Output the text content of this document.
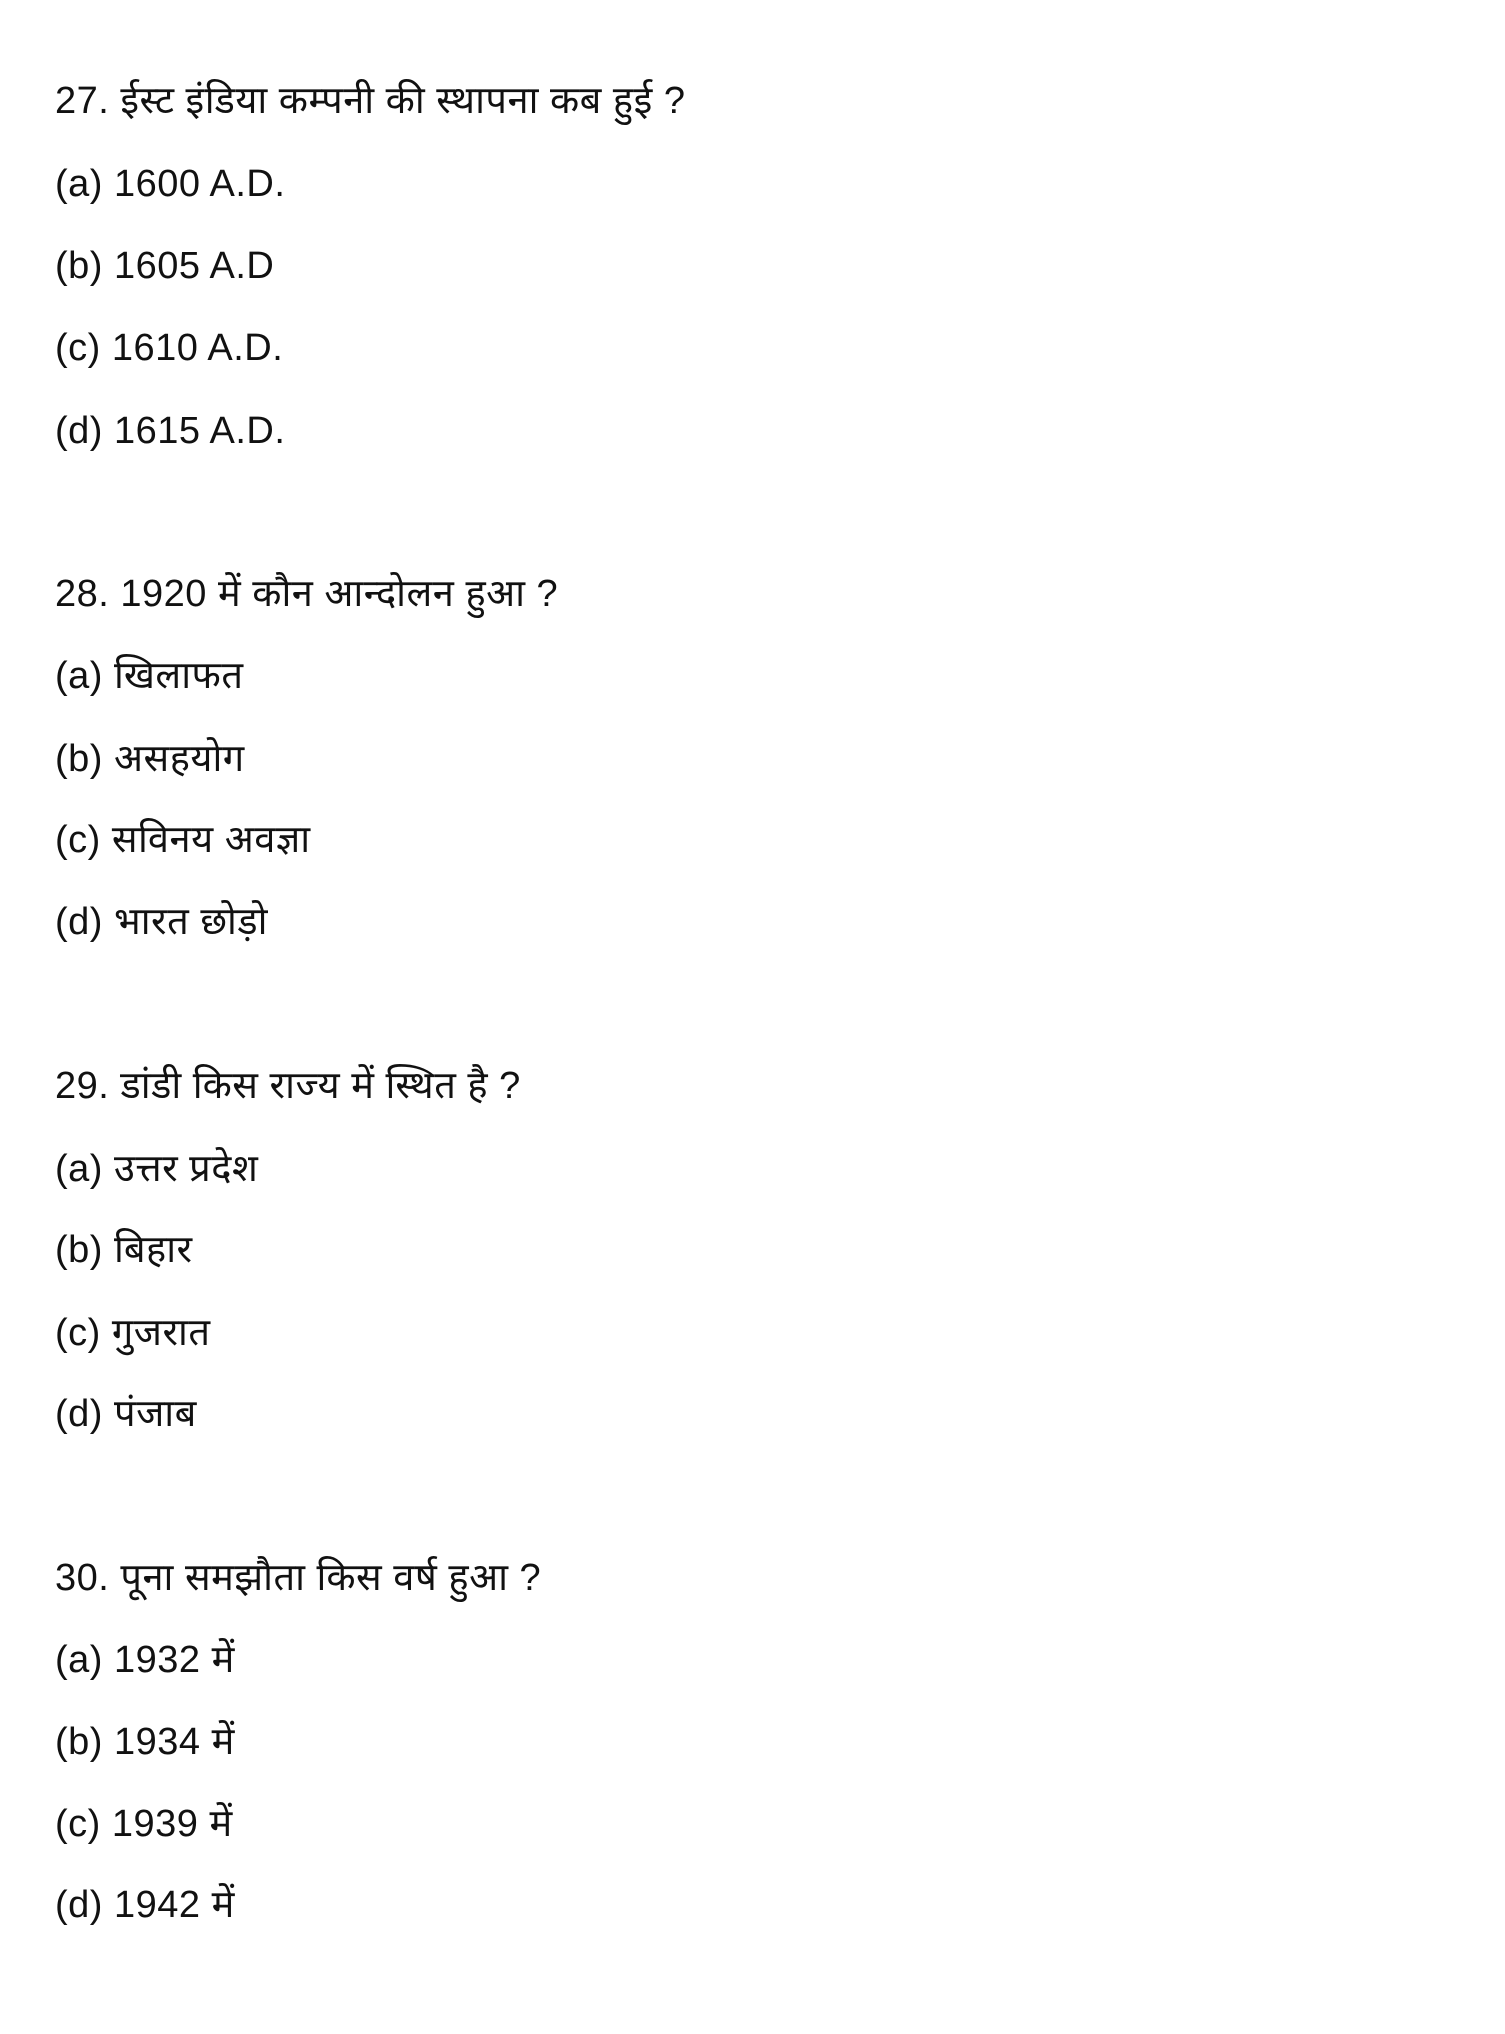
27. ईस्ट इंडिया कम्पनी की स्थापना कब हुई ?
(a) 1600 A.D.
(b) 1605 A.D
(c) 1610 A.D.
(d) 1615 A.D.
28. 1920 में कौन आन्दोलन हुआ ?
(a) खिलाफत
(b) असहयोग
(c) सविनय अवज्ञा
(d) भारत छोड़ो
29. डांडी किस राज्य में स्थित है ?
(a) उत्तर प्रदेश
(b) बिहार
(c) गुजरात
(d) पंजाब
30. पूना समझौता किस वर्ष हुआ ?
(a) 1932 में
(b) 1934 में
(c) 1939 में
(d) 1942 में
